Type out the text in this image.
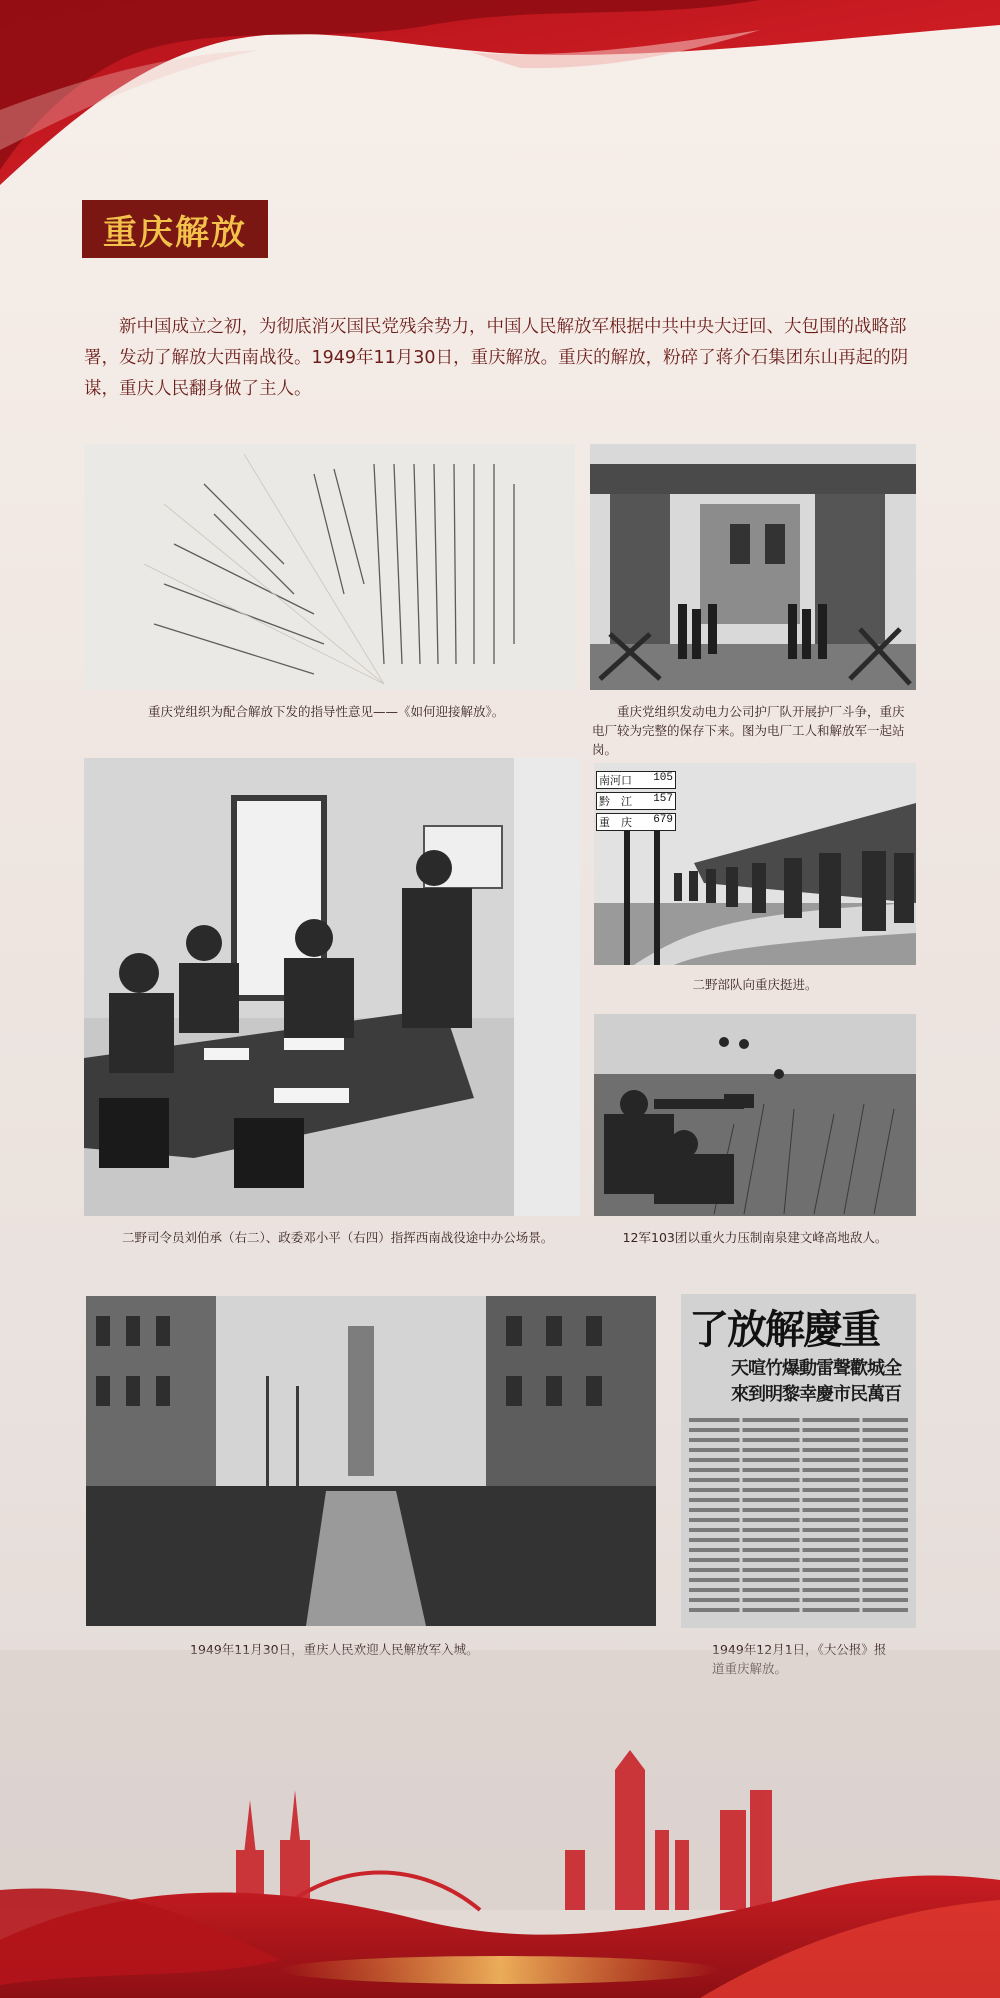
重庆解放

新中国成立之初，为彻底消灭国民党残余势力，中国人民解放军根据中共中央大迂回、大包围的战略部署，发动了解放大西南战役。1949年11月30日，重庆解放。重庆的解放，粉碎了蒋介石集团东山再起的阴谋，重庆人民翻身做了主人。

重庆党组织为配合解放下发的指导性意见——《如何迎接解放》。	重庆党组织发动电力公司护厂队开展护厂斗争，重庆电厂较为完整的保存下来。图为电厂工人和解放军一起站岗。
二野司令员刘伯承（右二）、政委邓小平（右四）指挥西南战役途中办公场景。
南河口	105
黔　江	157
重　庆	679
二野部队向重庆挺进。
12军103团以重火力压制南泉建文峰高地敌人。
1949年11月30日，重庆人民欢迎人民解放军入城。
了放解慶重
天喧竹爆動雷聲歡城全
來到明黎幸慶市民萬百
1949年12月1日，《大公报》报道重庆解放。
